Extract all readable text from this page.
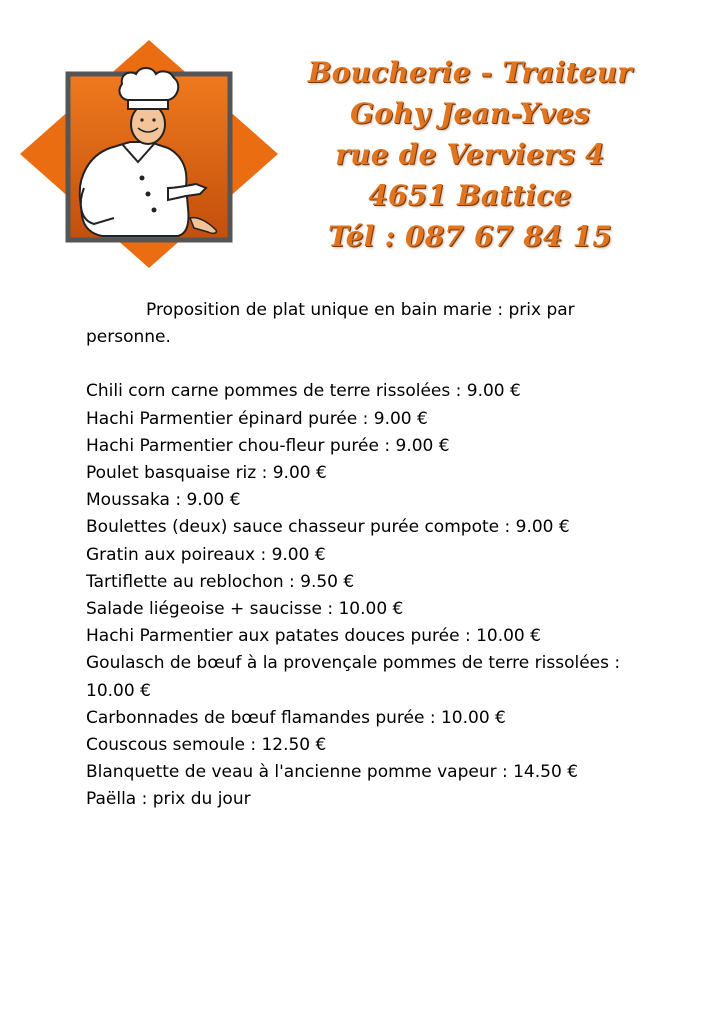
Boucherie - Traiteur
Gohy Jean-Yves
rue de Verviers 4
4651 Battice
Tél : 087 67 84 15

Proposition de plat unique en bain marie : prix par personne.

Chili corn carne pommes de terre rissolées : 9.00 €

Hachi Parmentier épinard purée : 9.00 €

Hachi Parmentier chou-fleur purée : 9.00 €

Poulet basquaise riz : 9.00 €

Moussaka : 9.00 €

Boulettes (deux) sauce chasseur purée compote : 9.00 €

Gratin aux poireaux : 9.00 €

Tartiflette au reblochon : 9.50 €

Salade liégeoise + saucisse : 10.00 €

Hachi Parmentier aux patates douces purée : 10.00 €

Goulasch de bœuf à la provençale pommes de terre rissolées : 10.00 €

Carbonnades de bœuf flamandes purée : 10.00 €

Couscous semoule : 12.50 €

Blanquette de veau à l'ancienne pomme vapeur : 14.50 €

Paëlla : prix du jour
